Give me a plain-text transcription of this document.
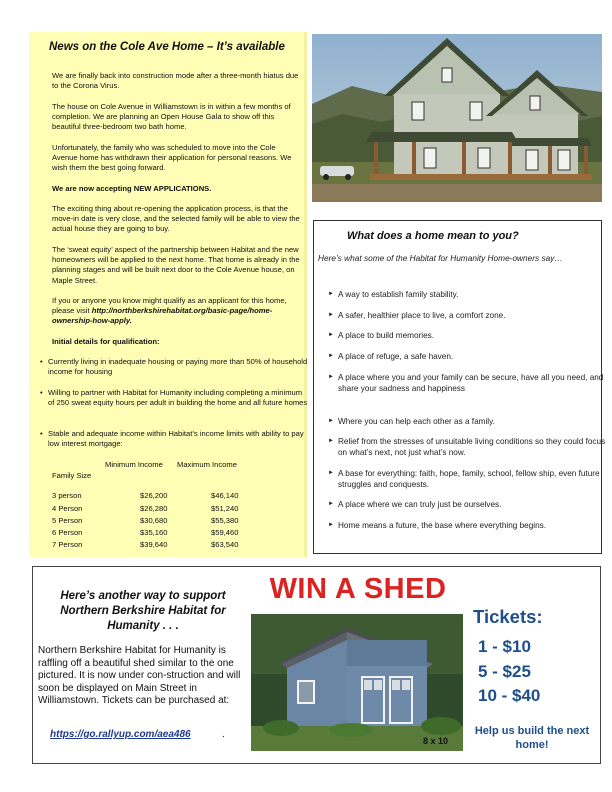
News on the Cole Ave Home – It’s available
We are finally back into construction mode after a three-month hiatus due to the Corona Virus.
The house on Cole Avenue in Williamstown is in within a few months of completion. We are planning an Open House Gala to show off this beautiful three-bedroom two bath home.
Unfortunately, the family who was scheduled to move into the Cole Avenue home has withdrawn their application for personal reasons. We wish them the best going forward.
We are now accepting NEW APPLICATIONS.
The exciting thing about re-opening the application process, is that the move-in date is very close, and the selected family will be able to view the actual house they are going to buy.
The ‘sweat equity’ aspect of the partnership between Habitat and the new homeowners will be applied to the next home. That home is already in the planning stages and will be built next door to the Cole Avenue house, on Maple Street.
If you or anyone you know might qualify as an applicant for this home, please visit http://northberkshirehabitat.org/basic-page/home-ownership-how-apply.
Initial details for qualification:
• Currently living in inadequate housing or paying more than 50% of household income for housing
• Willing to partner with Habitat for Humanity including completing a minimum of 250 sweat equity hours per adult in building the home and all future homes
• Stable and adequate income within Habitat’s income limits with ability to pay low interest mortgage:
Family Size
Minimum Income Maximum Income
3 person	$26,200	$46,140
4 Person	$26,280	$51,240
5 Person	$30,680	$55,380
6 Person	$35,160	$59,460
7 Person	$39,640	$63,540
What does a home mean to you?
Here’s what some of the Habitat for Humanity Home-owners say…
► A way to establish family stability.
► A safer, healthier place to live, a comfort zone.
► A place to build memories.
► A place of refuge, a safe haven.
► A place where you and your family can be secure, have all you need, and share your sadness and happiness
► Where you can help each other as a family.
► Relief from the stresses of unsuitable living conditions so they could focus on what’s next, not just what’s now.
► A base for everything: faith, hope, family, school, fellow ship, even future struggles and conquests.
► A place where we can truly just be ourselves.
► Home means a future, the base where everything begins.
Here’s another way to support Northern Berkshire Habitat for Humanity . . .
Northern Berkshire Habitat for Humanity is raffling off a beautiful shed similar to the one pictured. It is now under con-struction and will soon be displayed on Main Street in Williamstown. Tickets can be purchased at:
https://go.rallyup.com/aea486	.
WIN A SHED
8 x 10
Tickets:
1 - $10
5 - $25
10 - $40
Help us build the next home!
